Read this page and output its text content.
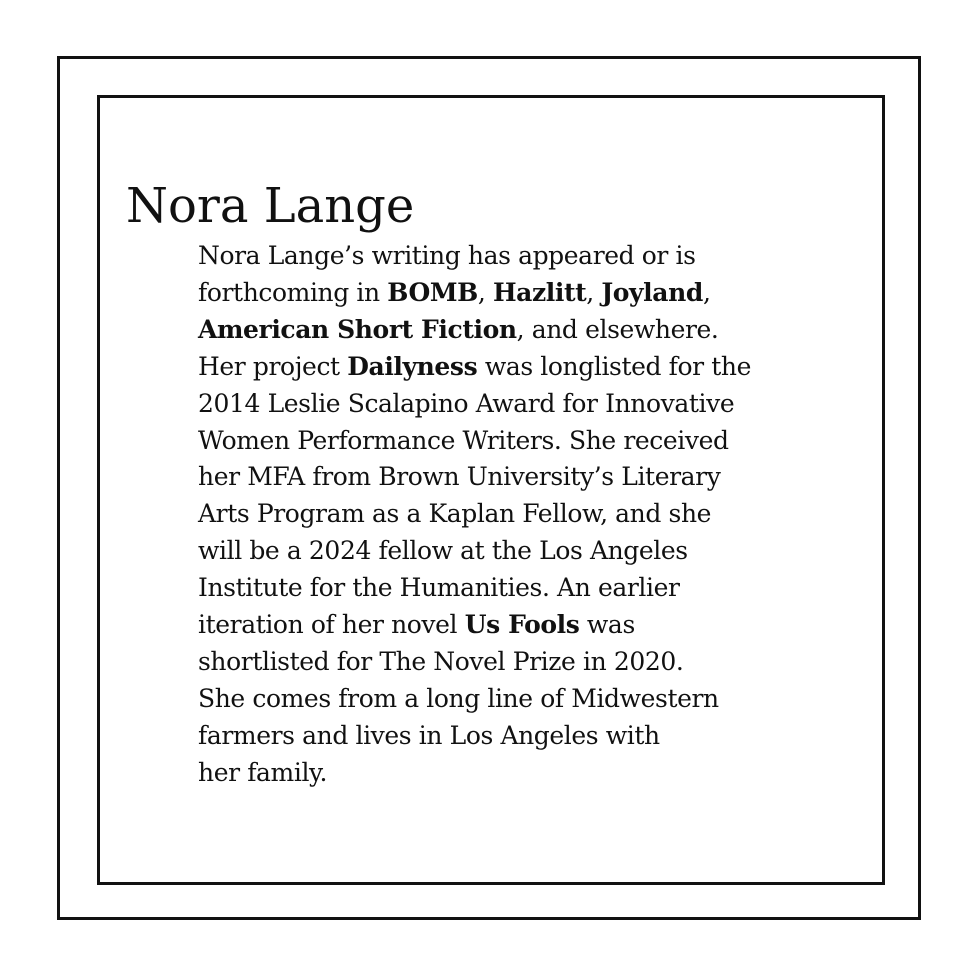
Nora Lange
Nora Lange’s writing has appeared or is
forthcoming in BOMB, Hazlitt, Joyland,
American Short Fiction, and elsewhere.
Her project Dailyness was longlisted for the
2014 Leslie Scalapino Award for Innovative
Women Performance Writers. She received
her MFA from Brown University’s Literary
Arts Program as a Kaplan Fellow, and she
will be a 2024 fellow at the Los Angeles
Institute for the Humanities. An earlier
iteration of her novel Us Fools was
shortlisted for The Novel Prize in 2020.
She comes from a long line of Midwestern
farmers and lives in Los Angeles with
her family.
